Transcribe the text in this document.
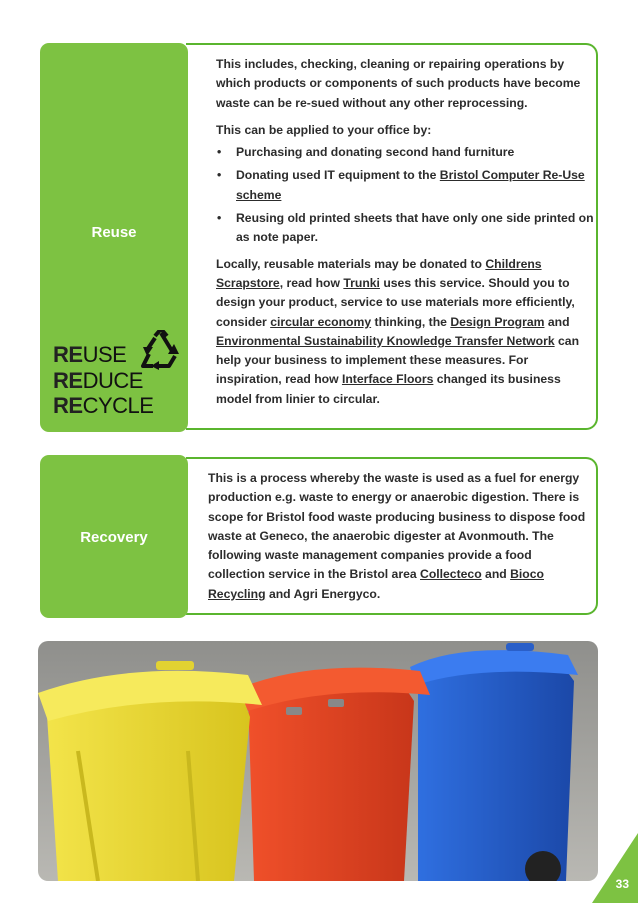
Reuse
REUSE
REDUCE
RECYCLE

This includes, checking, cleaning or repairing operations by which products or components of such products have become waste can be re-sued without any other reprocessing.

This can be applied to your office by:

• Purchasing and donating second hand furniture
• Donating used IT equipment to the Bristol Computer Re-Use scheme
• Reusing old printed sheets that have only one side printed on as note paper.

Locally, reusable materials may be donated to Childrens Scrapstore, read how Trunki uses this service. Should you to design your product, service to use materials more efficiently, consider circular economy thinking, the Design Program and Environmental Sustainability Knowledge Transfer Network can help your business to implement these measures. For inspiration, read how Interface Floors changed its business model from linier to circular.

Recovery

This is a process whereby the waste is used as a fuel for energy production e.g. waste to energy or anaerobic digestion. There is scope for Bristol food waste producing business to dispose food waste at Geneco, the anaerobic digester at Avonmouth. The following waste management companies provide a food collection service in the Bristol area Collecteco and Bioco Recycling and Agri Energyco.

33
